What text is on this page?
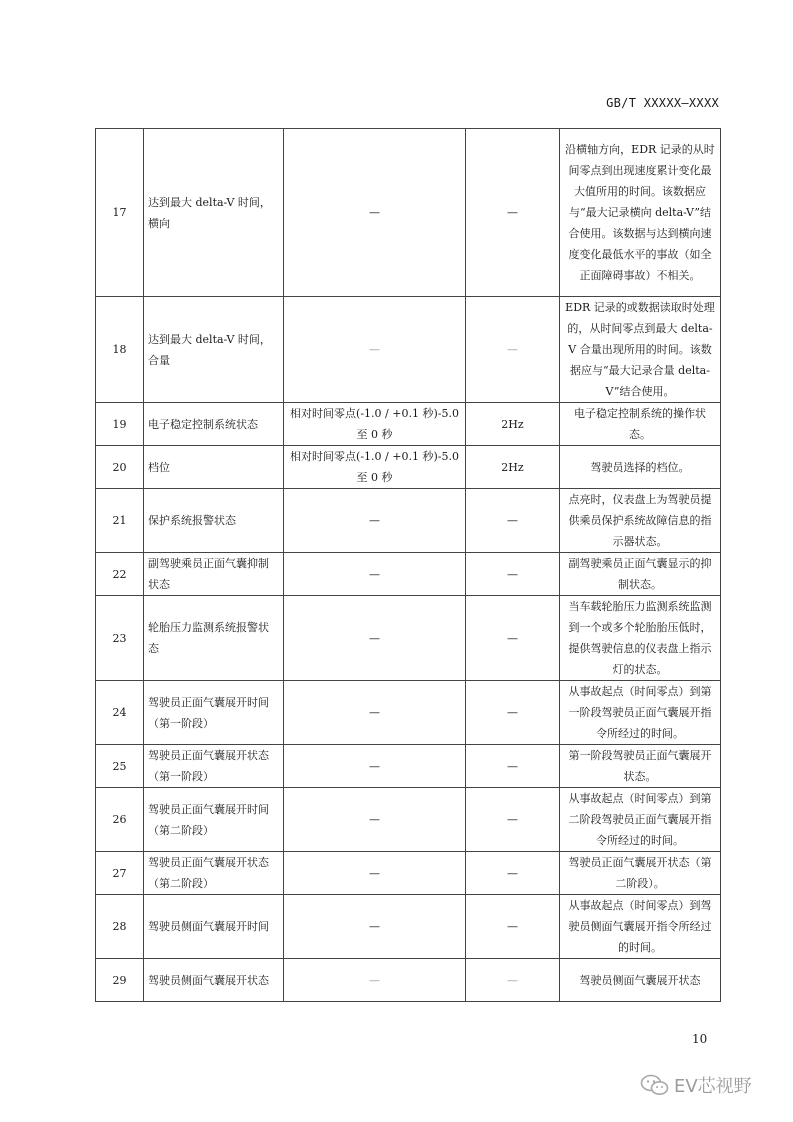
GB/T XXXXX—XXXX
17	达到最大 delta-V 时间，横向	—	—	沿横轴方向，EDR 记录的从时间零点到出现速度累计变化最大值所用的时间。该数据应与“最大记录横向 delta-V”结合使用。该数据与达到横向速度变化最低水平的事故（如全正面障碍事故）不相关。
18	达到最大 delta-V 时间，合量	—	—	EDR 记录的或数据读取时处理的，从时间零点到最大 delta-V 合量出现所用的时间。该数据应与“最大记录合量 delta-V”结合使用。
19	电子稳定控制系统状态	相对时间零点(-1.0 / +0.1 秒)-5.0 至 0 秒	2Hz	电子稳定控制系统的操作状态。
20	档位	相对时间零点(-1.0 / +0.1 秒)-5.0 至 0 秒	2Hz	驾驶员选择的档位。
21	保护系统报警状态	—	—	点亮时，仪表盘上为驾驶员提供乘员保护系统故障信息的指示器状态。
22	副驾驶乘员正面气囊抑制状态	—	—	副驾驶乘员正面气囊显示的抑制状态。
23	轮胎压力监测系统报警状态	—	—	当车载轮胎压力监测系统监测到一个或多个轮胎胎压低时，提供驾驶信息的仪表盘上指示灯的状态。
24	驾驶员正面气囊展开时间（第一阶段）	—	—	从事故起点（时间零点）到第一阶段驾驶员正面气囊展开指令所经过的时间。
25	驾驶员正面气囊展开状态（第一阶段）	—	—	第一阶段驾驶员正面气囊展开状态。
26	驾驶员正面气囊展开时间（第二阶段）	—	—	从事故起点（时间零点）到第二阶段驾驶员正面气囊展开指令所经过的时间。
27	驾驶员正面气囊展开状态（第二阶段）	—	—	驾驶员正面气囊展开状态（第二阶段）。
28	驾驶员侧面气囊展开时间	—	—	从事故起点（时间零点）到驾驶员侧面气囊展开指令所经过的时间。
29	驾驶员侧面气囊展开状态	—	—	驾驶员侧面气囊展开状态
10
EV芯视野
